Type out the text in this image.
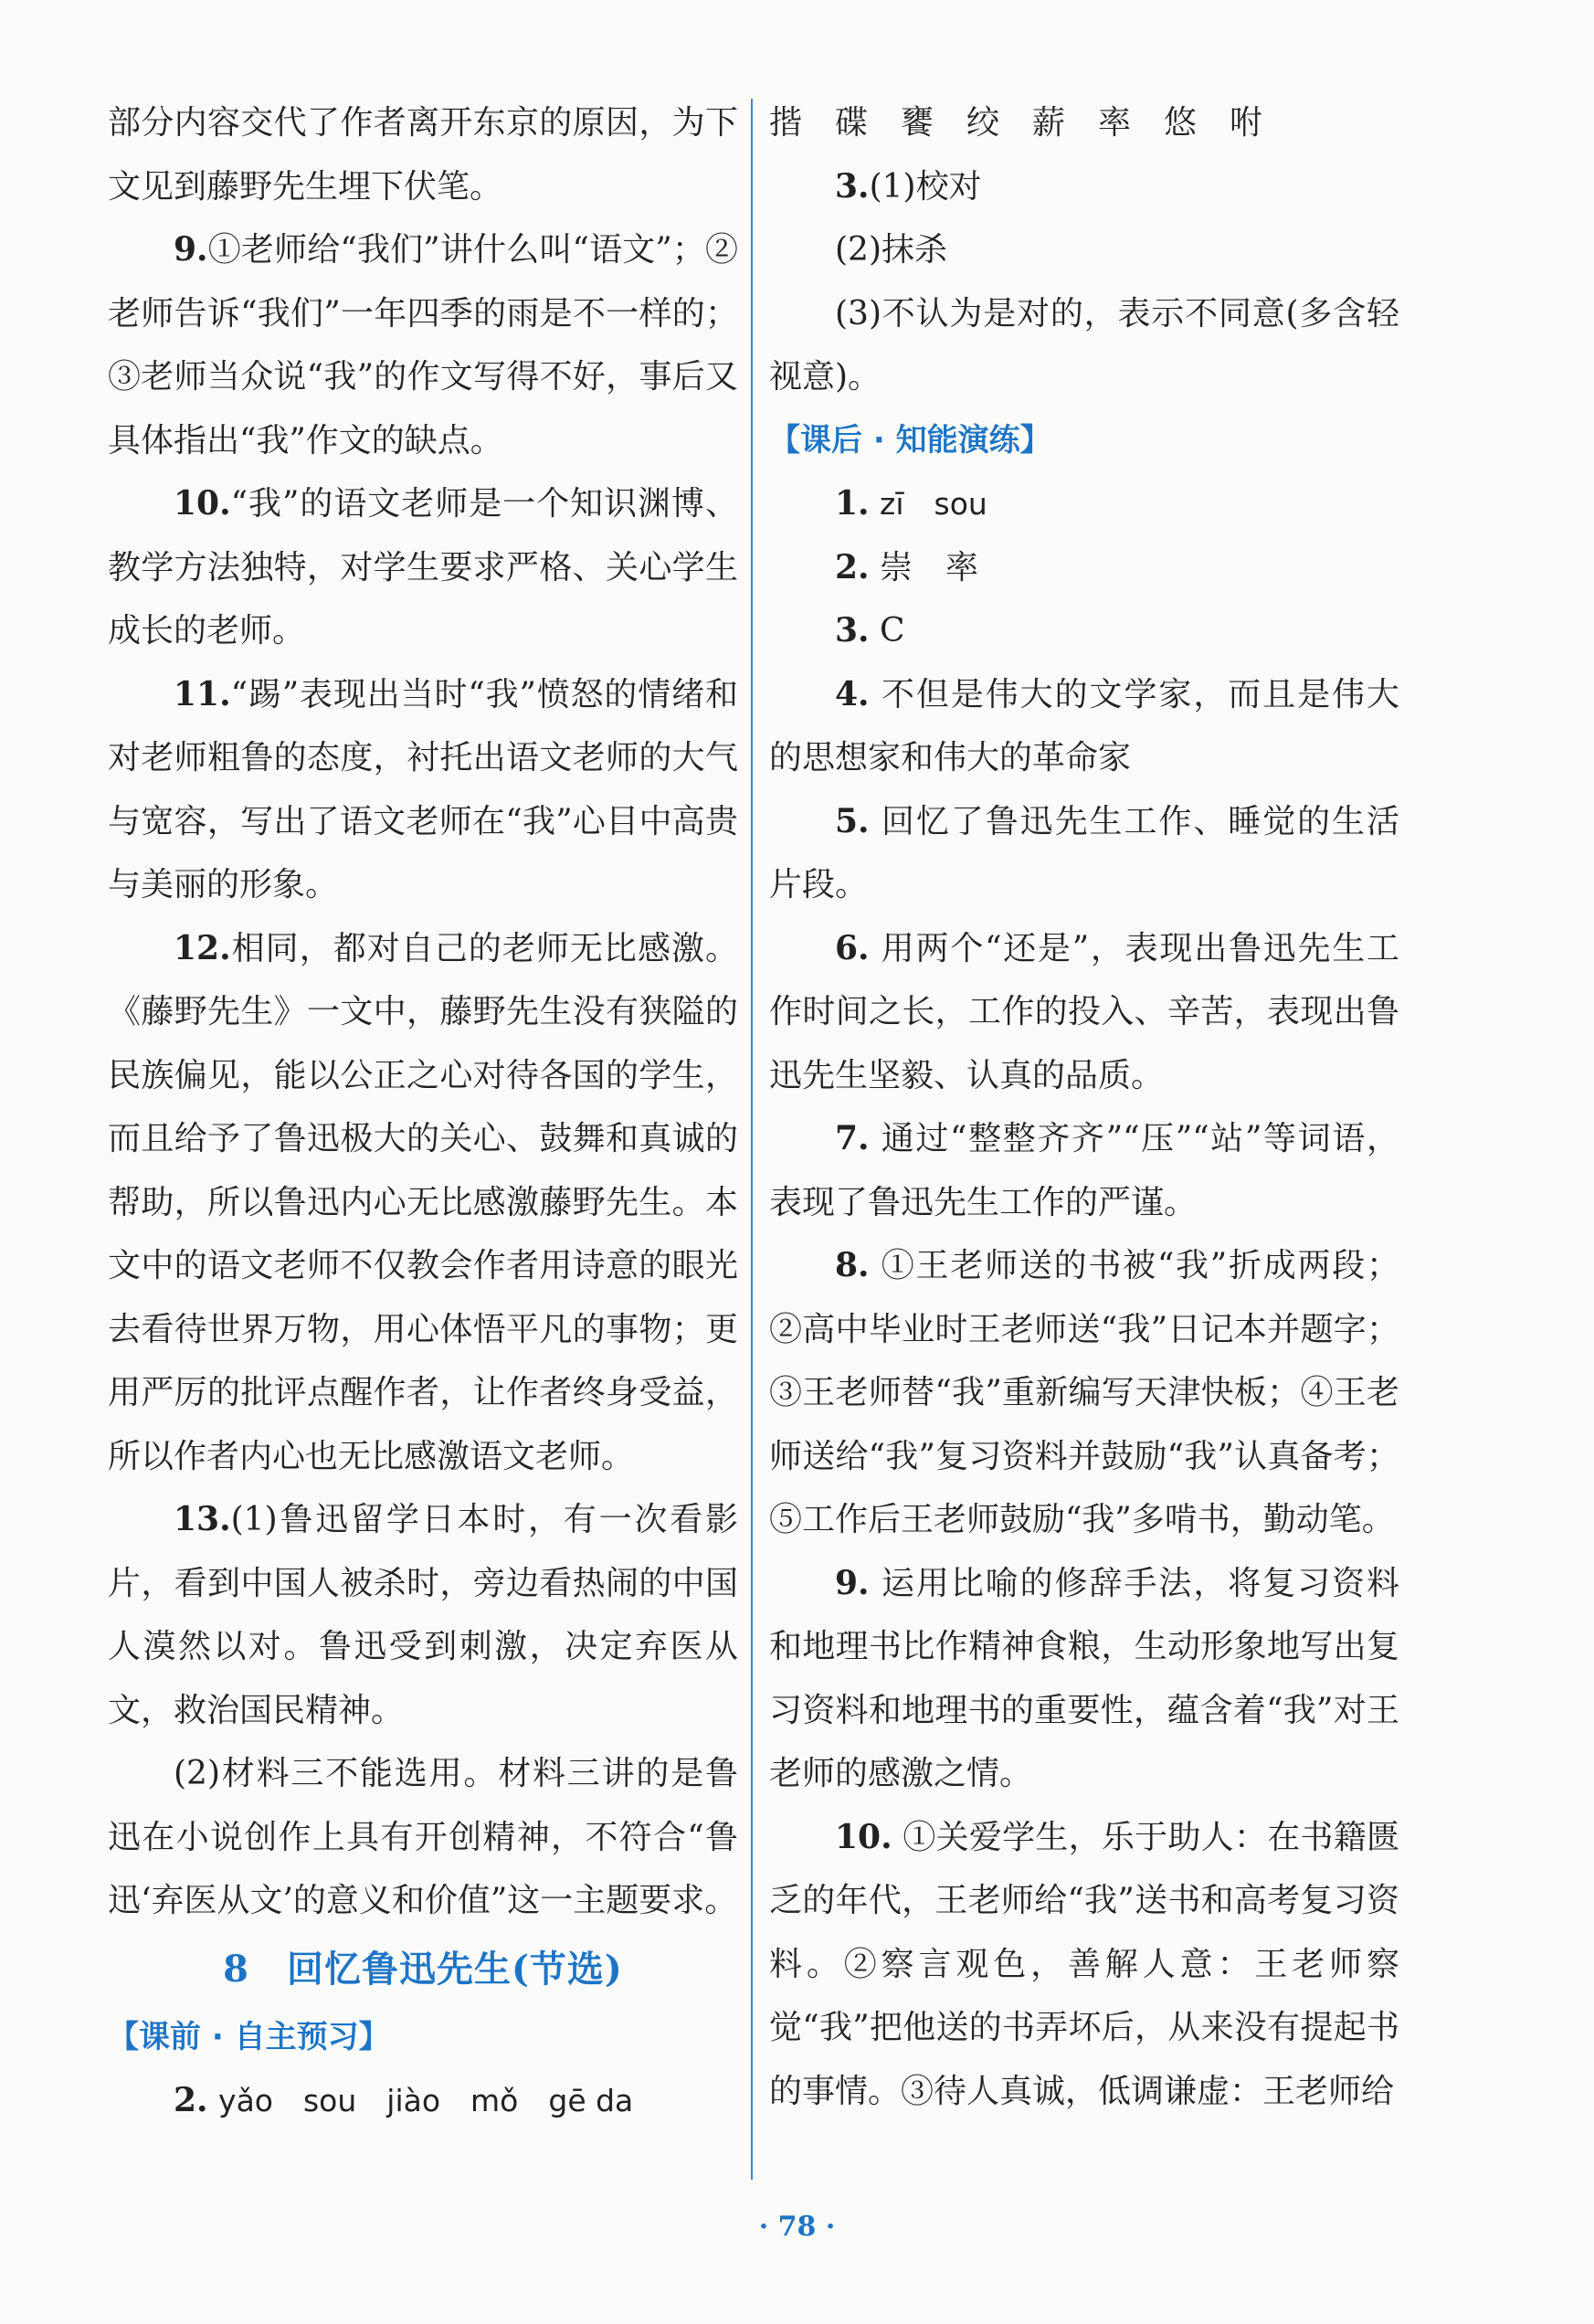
部分内容交代了作者离开东京的原因，为下文见到藤野先生埋下伏笔。

9.①老师给“我们”讲什么叫“语文”；②老师告诉“我们”一年四季的雨是不一样的；③老师当众说“我”的作文写得不好，事后又具体指出“我”作文的缺点。

10.“我”的语文老师是一个知识渊博、教学方法独特，对学生要求严格、关心学生成长的老师。

11.“踢”表现出当时“我”愤怒的情绪和对老师粗鲁的态度，衬托出语文老师的大气与宽容，写出了语文老师在“我”心目中高贵与美丽的形象。

12.相同，都对自己的老师无比感激。《藤野先生》一文中，藤野先生没有狭隘的民族偏见，能以公正之心对待各国的学生，而且给予了鲁迅极大的关心、鼓舞和真诚的帮助，所以鲁迅内心无比感激藤野先生。本文中的语文老师不仅教会作者用诗意的眼光去看待世界万物，用心体悟平凡的事物；更用严厉的批评点醒作者，让作者终身受益，所以作者内心也无比感激语文老师。

13.(1)鲁迅留学日本时，有一次看影片，看到中国人被杀时，旁边看热闹的中国人漠然以对。鲁迅受到刺激，决定弃医从文，救治国民精神。

(2)材料三不能选用。材料三讲的是鲁迅在小说创作上具有开创精神，不符合“鲁迅‘弃医从文’的意义和价值”这一主题要求。

8　回忆鲁迅先生(节选)

【课前 · 自主预习】

2. yǎo　sou　jiào　mǒ　gē da

揩　碟　饔　绞　薪　率　悠　咐

3.(1)校对

(2)抹杀

(3)不认为是对的，表示不同意(多含轻视意)。

【课后 · 知能演练】

1. zī　sou

2. 崇　率

3. C

4. 不但是伟大的文学家，而且是伟大的思想家和伟大的革命家

5. 回忆了鲁迅先生工作、睡觉的生活片段。

6. 用两个“还是”，表现出鲁迅先生工作时间之长，工作的投入、辛苦，表现出鲁迅先生坚毅、认真的品质。

7. 通过“整整齐齐”“压”“站”等词语，表现了鲁迅先生工作的严谨。

8. ①王老师送的书被“我”折成两段；②高中毕业时王老师送“我”日记本并题字；③王老师替“我”重新编写天津快板；④王老师送给“我”复习资料并鼓励“我”认真备考；⑤工作后王老师鼓励“我”多啃书，勤动笔。

9. 运用比喻的修辞手法，将复习资料和地理书比作精神食粮，生动形象地写出复习资料和地理书的重要性，蕴含着“我”对王老师的感激之情。

10. ①关爱学生，乐于助人：在书籍匮乏的年代，王老师给“我”送书和高考复习资料。②察言观色，善解人意：王老师察觉“我”把他送的书弄坏后，从来没有提起书的事情。③待人真诚，低调谦虚：王老师给

· 78 ·
